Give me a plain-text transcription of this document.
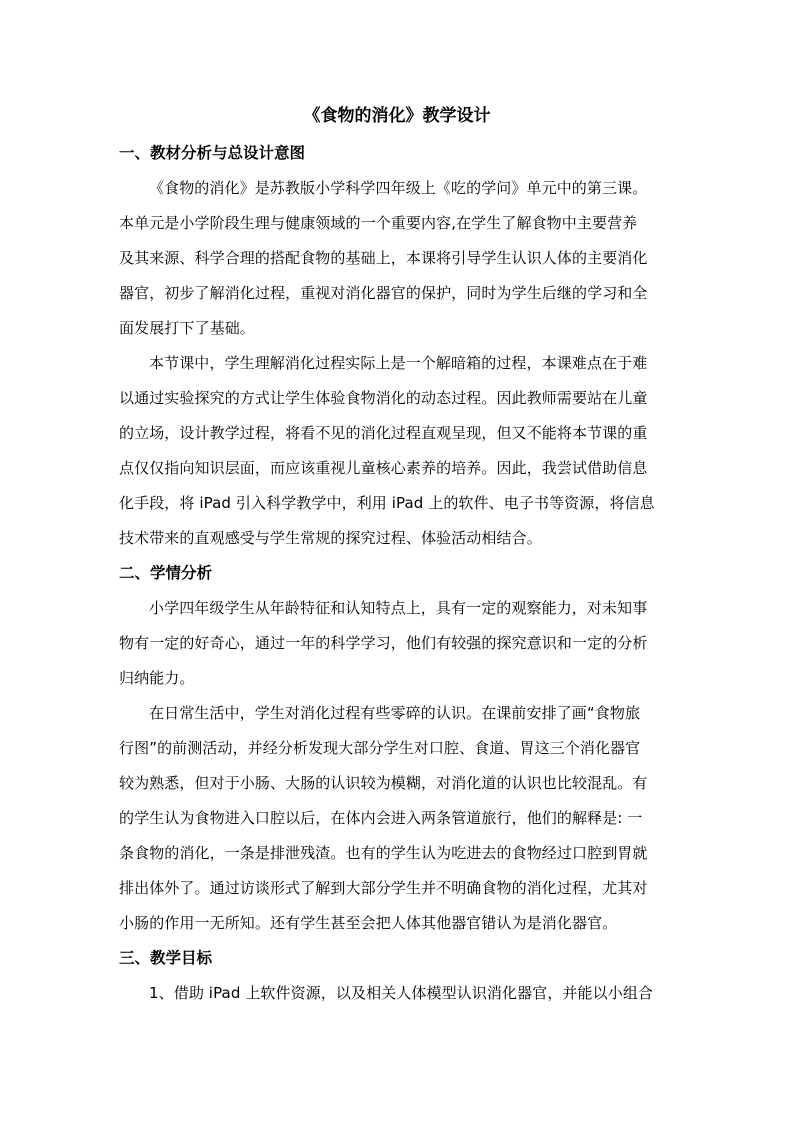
《食物的消化》教学设计
一、教材分析与总设计意图
《食物的消化》是苏教版小学科学四年级上《吃的学问》单元中的第三课。
本单元是小学阶段生理与健康领域的一个重要内容,在学生了解食物中主要营养
及其来源、科学合理的搭配食物的基础上，本课将引导学生认识人体的主要消化
器官，初步了解消化过程，重视对消化器官的保护，同时为学生后继的学习和全
面发展打下了基础。
本节课中，学生理解消化过程实际上是一个解暗箱的过程，本课难点在于难
以通过实验探究的方式让学生体验食物消化的动态过程。因此教师需要站在儿童
的立场，设计教学过程，将看不见的消化过程直观呈现，但又不能将本节课的重
点仅仅指向知识层面，而应该重视儿童核心素养的培养。因此，我尝试借助信息
化手段，将 iPad 引入科学教学中，利用 iPad 上的软件、电子书等资源，将信息
技术带来的直观感受与学生常规的探究过程、体验活动相结合。
二、学情分析
小学四年级学生从年龄特征和认知特点上，具有一定的观察能力，对未知事
物有一定的好奇心，通过一年的科学学习，他们有较强的探究意识和一定的分析
归纳能力。
在日常生活中，学生对消化过程有些零碎的认识。在课前安排了画“食物旅
行图”的前测活动，并经分析发现大部分学生对口腔、食道、胃这三个消化器官
较为熟悉，但对于小肠、大肠的认识较为模糊，对消化道的认识也比较混乱。有
的学生认为食物进入口腔以后，在体内会进入两条管道旅行，他们的解释是: 一
条食物的消化，一条是排泄残渣。也有的学生认为吃进去的食物经过口腔到胃就
排出体外了。通过访谈形式了解到大部分学生并不明确食物的消化过程，尤其对
小肠的作用一无所知。还有学生甚至会把人体其他器官错认为是消化器官。
三、教学目标
1、借助 iPad 上软件资源，以及相关人体模型认识消化器官，并能以小组合
